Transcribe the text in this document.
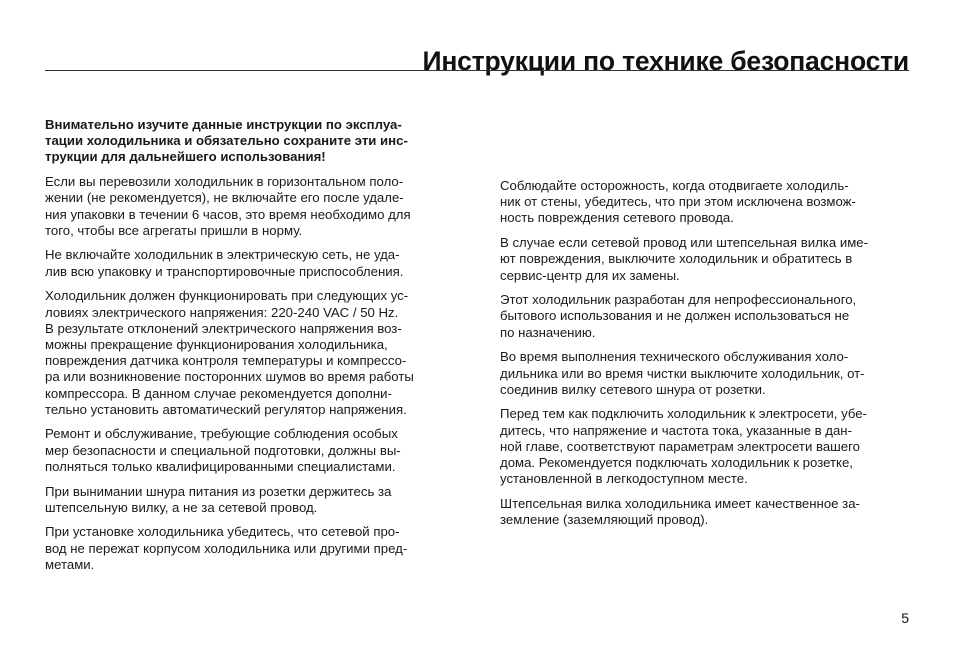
Инструкции по технике безопасности

Внимательно изучите данные инструкции по эксплуа-
тации холодильника и обязательно сохраните эти инс-
трукции для дальнейшего использования!

Если вы перевозили холодильник в горизонтальном поло-
жении (не рекомендуется), не включайте его после удале-
ния упаковки в течении 6 часов, это время необходимо для
того, чтобы все агрегаты пришли в норму.

Не включайте холодильник в электрическую сеть, не уда-
лив всю упаковку и транспортировочные приспособления.

Холодильник должен функционировать при следующих ус-
ловиях электрического напряжения: 220-240 VAC / 50 Hz.
В результате отклонений электрического напряжения воз-
можны прекращение функционирования холодильника,
повреждения датчика контроля температуры и компрессо-
ра или возникновение посторонних шумов во время работы
компрессора. В данном случае рекомендуется дополни-
тельно установить автоматический регулятор напряжения.

Ремонт и обслуживание, требующие соблюдения особых
мер безопасности и специальной подготовки, должны вы-
полняться только квалифицированными специалистами.

При вынимании шнура питания из розетки держитесь за
штепсельную вилку, а не за сетевой провод.

При установке холодильника убедитесь, что сетевой про-
вод не пережат корпусом холодильника или другими пред-
метами.

Соблюдайте осторожность, когда отодвигаете холодиль-
ник от стены, убедитесь, что при этом исключена возмож-
ность повреждения сетевого провода.

В случае если сетевой провод или штепсельная вилка име-
ют повреждения, выключите холодильник и обратитесь в
сервис-центр для их замены.

Этот холодильник разработан для непрофессионального,
бытового использования и не должен использоваться не
по назначению.

Во время выполнения технического обслуживания холо-
дильника или во время чистки выключите холодильник, от-
соединив вилку сетевого шнура от розетки.

Перед тем как подключить холодильник к электросети, убе-
дитесь, что напряжение и частота тока, указанные в дан-
ной главе, соответствуют параметрам электросети вашего
дома. Рекомендуется подключать холодильник к розетке,
установленной в легкодоступном месте.

Штепсельная вилка холодильника имеет качественное за-
земление (заземляющий провод).

5
